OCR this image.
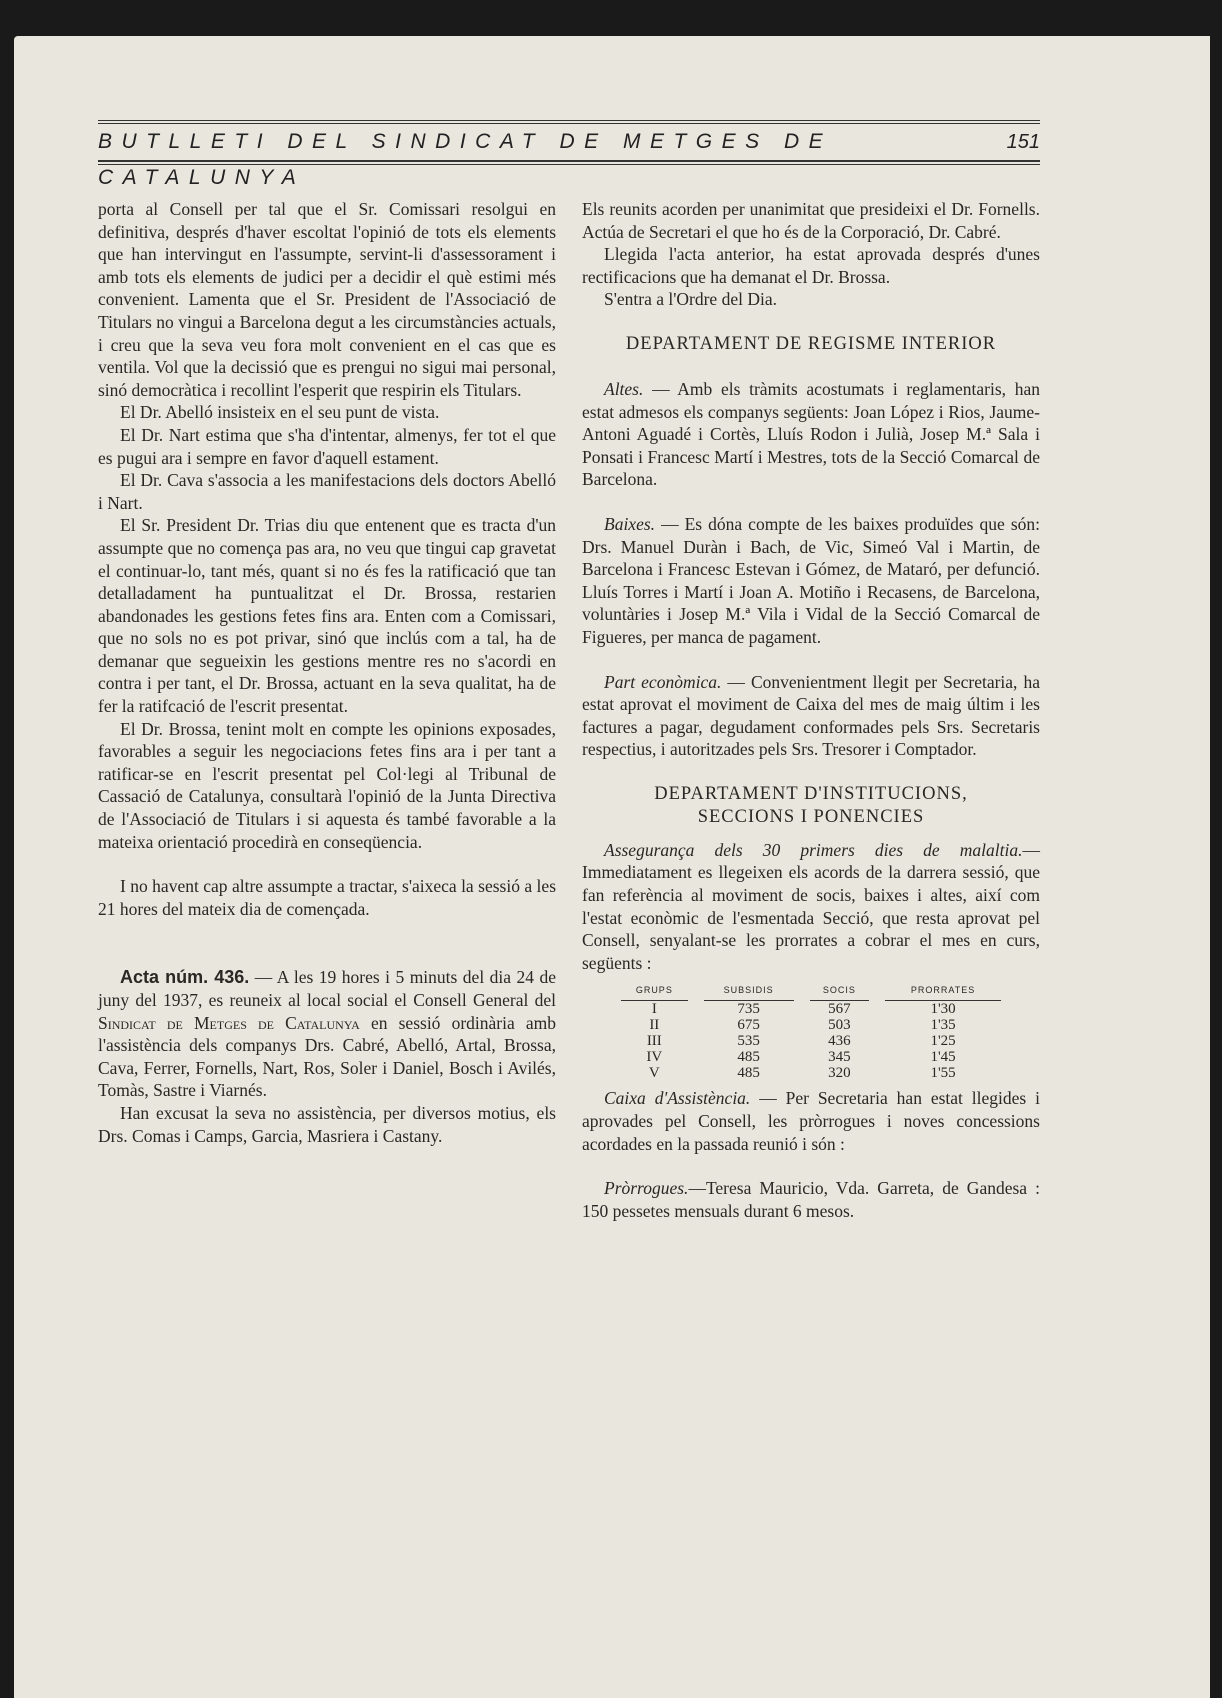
BUTLLETI DEL SINDICAT DE METGES DE CATALUNYA
151

porta al Consell per tal que el Sr. Comissari resolgui en definitiva, després d'haver escoltat l'opinió de tots els elements que han intervingut en l'assumpte, servint-li d'assessorament i amb tots els elements de judici per a decidir el què estimi més convenient. Lamenta que el Sr. President de l'Associació de Titulars no vingui a Barcelona degut a les circumstàncies actuals, i creu que la seva veu fora molt convenient en el cas que es ventila. Vol que la decissió que es prengui no sigui mai personal, sinó democràtica i recollint l'esperit que respirin els Titulars.

El Dr. Abelló insisteix en el seu punt de vista.

El Dr. Nart estima que s'ha d'intentar, almenys, fer tot el que es pugui ara i sempre en favor d'aquell estament.

El Dr. Cava s'associa a les manifestacions dels doctors Abelló i Nart.

El Sr. President Dr. Trias diu que entenent que es tracta d'un assumpte que no comença pas ara, no veu que tingui cap gravetat el continuar-lo, tant més, quant si no és fes la ratificació que tan detalladament ha puntualitzat el Dr. Brossa, restarien abandonades les gestions fetes fins ara. Enten com a Comissari, que no sols no es pot privar, sinó que inclús com a tal, ha de demanar que segueixin les gestions mentre res no s'acordi en contra i per tant, el Dr. Brossa, actuant en la seva qualitat, ha de fer la ratifcació de l'escrit presentat.

El Dr. Brossa, tenint molt en compte les opinions exposades, favorables a seguir les negociacions fetes fins ara i per tant a ratificar-se en l'escrit presentat pel Col·legi al Tribunal de Cassació de Catalunya, consultarà l'opinió de la Junta Directiva de l'Associació de Titulars i si aquesta és també favorable a la mateixa orientació procedirà en conseqüencia.

I no havent cap altre assumpte a tractar, s'aixeca la sessió a les 21 hores del mateix dia de començada.

Acta núm. 436. — A les 19 hores i 5 minuts del dia 24 de juny del 1937, es reuneix al local social el Consell General del Sindicat de Metges de Catalunya en sessió ordinària amb l'assistència dels companys Drs. Cabré, Abelló, Artal, Brossa, Cava, Ferrer, Fornells, Nart, Ros, Soler i Daniel, Bosch i Avilés, Tomàs, Sastre i Viarnés.

Han excusat la seva no assistència, per diversos motius, els Drs. Comas i Camps, Garcia, Masriera i Castany.

Els reunits acorden per unanimitat que presideixi el Dr. Fornells. Actúa de Secretari el que ho és de la Corporació, Dr. Cabré.

Llegida l'acta anterior, ha estat aprovada després d'unes rectificacions que ha demanat el Dr. Brossa.

S'entra a l'Ordre del Dia.

DEPARTAMENT DE REGISME INTERIOR

Altes. — Amb els tràmits acostumats i reglamentaris, han estat admesos els companys següents: Joan López i Rios, Jaume-Antoni Aguadé i Cortès, Lluís Rodon i Julià, Josep M.ª Sala i Ponsati i Francesc Martí i Mestres, tots de la Secció Comarcal de Barcelona.

Baixes. — Es dóna compte de les baixes produïdes que són: Drs. Manuel Duràn i Bach, de Vic, Simeó Val i Martin, de Barcelona i Francesc Estevan i Gómez, de Mataró, per defunció. Lluís Torres i Martí i Joan A. Motiño i Recasens, de Barcelona, voluntàries i Josep M.ª Vila i Vidal de la Secció Comarcal de Figueres, per manca de pagament.

Part econòmica. — Convenientment llegit per Secretaria, ha estat aprovat el moviment de Caixa del mes de maig últim i les factures a pagar, degudament conformades pels Srs. Secretaris respectius, i autoritzades pels Srs. Tresorer i Comptador.

DEPARTAMENT D'INSTITUCIONS,
SECCIONS I PONENCIES

Assegurança dels 30 primers dies de malaltia.— Immediatament es llegeixen els acords de la darrera sessió, que fan referència al moviment de socis, baixes i altes, així com l'estat econòmic de l'esmentada Secció, que resta aprovat pel Consell, senyalant-se les prorrates a cobrar el mes en curs, següents :

GRUPS		SUBSIDIS		SOCIS		PRORRATES
I		735		567		1'30
II		675		503		1'35
III		535		436		1'25
IV		485		345		1'45
V		485		320		1'55

Caixa d'Assistència. — Per Secretaria han estat llegides i aprovades pel Consell, les pròrrogues i noves concessions acordades en la passada reunió i són :

Pròrrogues.—Teresa Mauricio, Vda. Garreta, de Gandesa : 150 pessetes mensuals durant 6 mesos.
